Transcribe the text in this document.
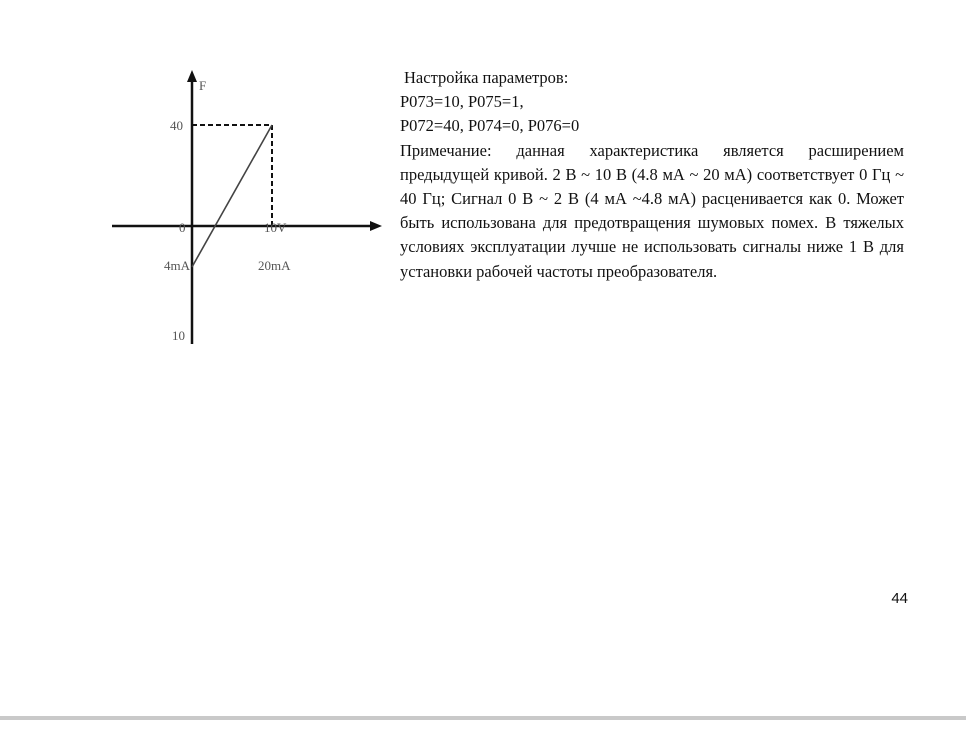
F
40
0	10V
4mA	20mA
10
Настройка параметров:
P073=10, P075=1,
P072=40, P074=0, P076=0

Примечание: данная характеристика является расширением предыдущей кривой. 2 В ~ 10 В (4.8 мА ~ 20 мА) соответствует 0 Гц ~ 40 Гц; Сигнал 0 В ~ 2 В (4 мА ~4.8 мА) расценивается как 0. Может быть использована для предотвращения шумовых помех. В тяжелых условиях эксплуатации лучше не использовать сигналы ниже 1 В для установки рабочей частоты преобразователя.

44
